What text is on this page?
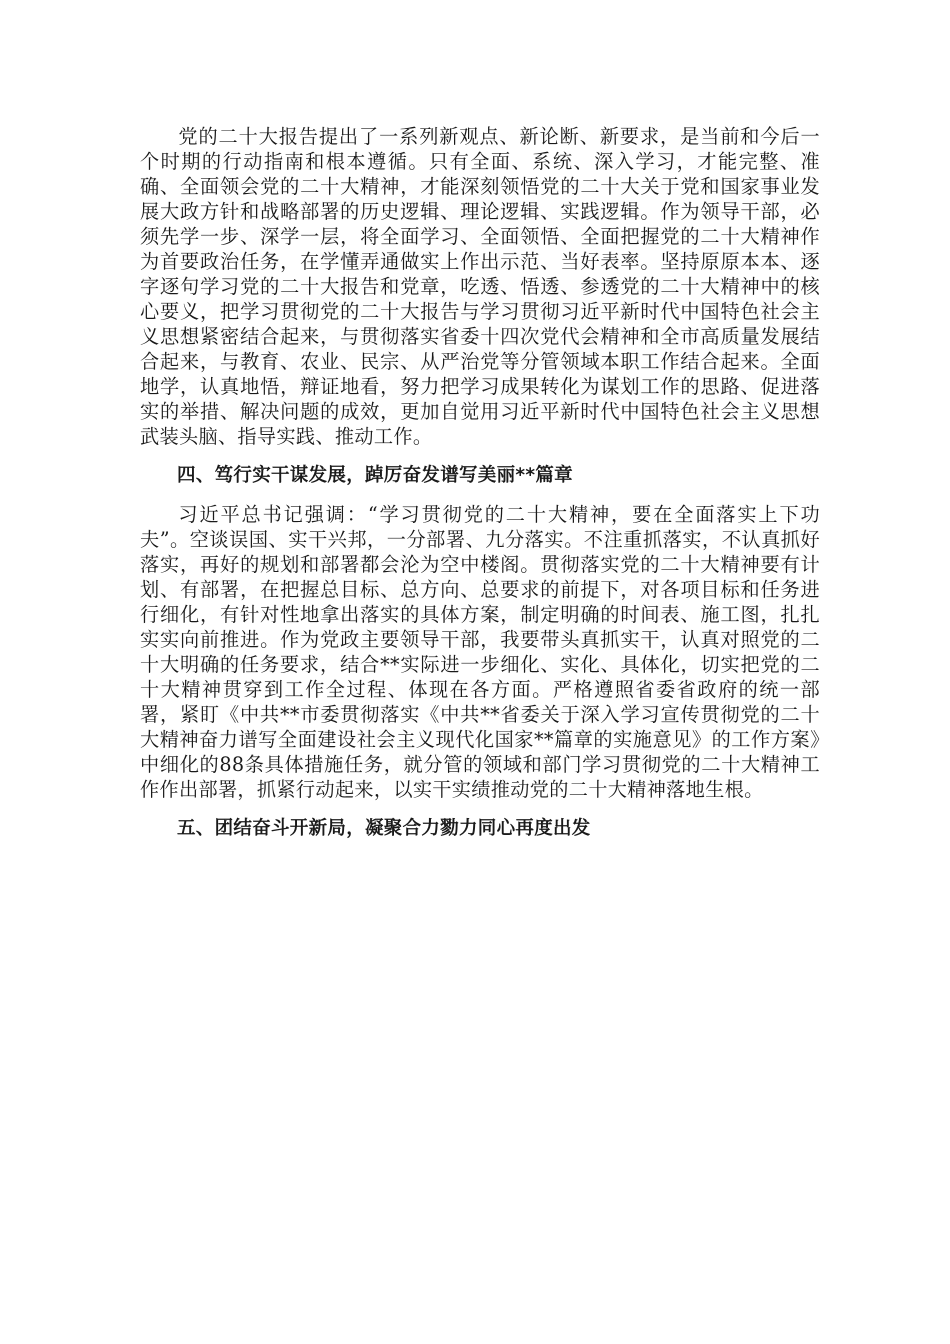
党的二十大报告提出了一系列新观点、新论断、新要求，是当前和今后一个时期的行动指南和根本遵循。只有全面、系统、深入学习，才能完整、准确、全面领会党的二十大精神，才能深刻领悟党的二十大关于党和国家事业发展大政方针和战略部署的历史逻辑、理论逻辑、实践逻辑。作为领导干部，必须先学一步、深学一层，将全面学习、全面领悟、全面把握党的二十大精神作为首要政治任务，在学懂弄通做实上作出示范、当好表率。坚持原原本本、逐字逐句学习党的二十大报告和党章，吃透、悟透、参透党的二十大精神中的核心要义，把学习贯彻党的二十大报告与学习贯彻习近平新时代中国特色社会主义思想紧密结合起来，与贯彻落实省委十四次党代会精神和全市高质量发展结合起来，与教育、农业、民宗、从严治党等分管领域本职工作结合起来。全面地学，认真地悟，辩证地看，努力把学习成果转化为谋划工作的思路、促进落实的举措、解决问题的成效，更加自觉用习近平新时代中国特色社会主义思想武装头脑、指导实践、推动工作。

四、笃行实干谋发展，踔厉奋发谱写美丽**篇章

习近平总书记强调：“学习贯彻党的二十大精神，要在全面落实上下功夫”。空谈误国、实干兴邦，一分部署、九分落实。不注重抓落实，不认真抓好落实，再好的规划和部署都会沦为空中楼阁。贯彻落实党的二十大精神要有计划、有部署，在把握总目标、总方向、总要求的前提下，对各项目标和任务进行细化，有针对性地拿出落实的具体方案，制定明确的时间表、施工图，扎扎实实向前推进。作为党政主要领导干部，我要带头真抓实干，认真对照党的二十大明确的任务要求，结合**实际进一步细化、实化、具体化，切实把党的二十大精神贯穿到工作全过程、体现在各方面。严格遵照省委省政府的统一部署，紧盯《中共**市委贯彻落实《中共**省委关于深入学习宣传贯彻党的二十大精神奋力谱写全面建设社会主义现代化国家**篇章的实施意见》的工作方案》中细化的88条具体措施任务，就分管的领域和部门学习贯彻党的二十大精神工作作出部署，抓紧行动起来，以实干实绩推动党的二十大精神落地生根。

五、团结奋斗开新局，凝聚合力勠力同心再度出发
